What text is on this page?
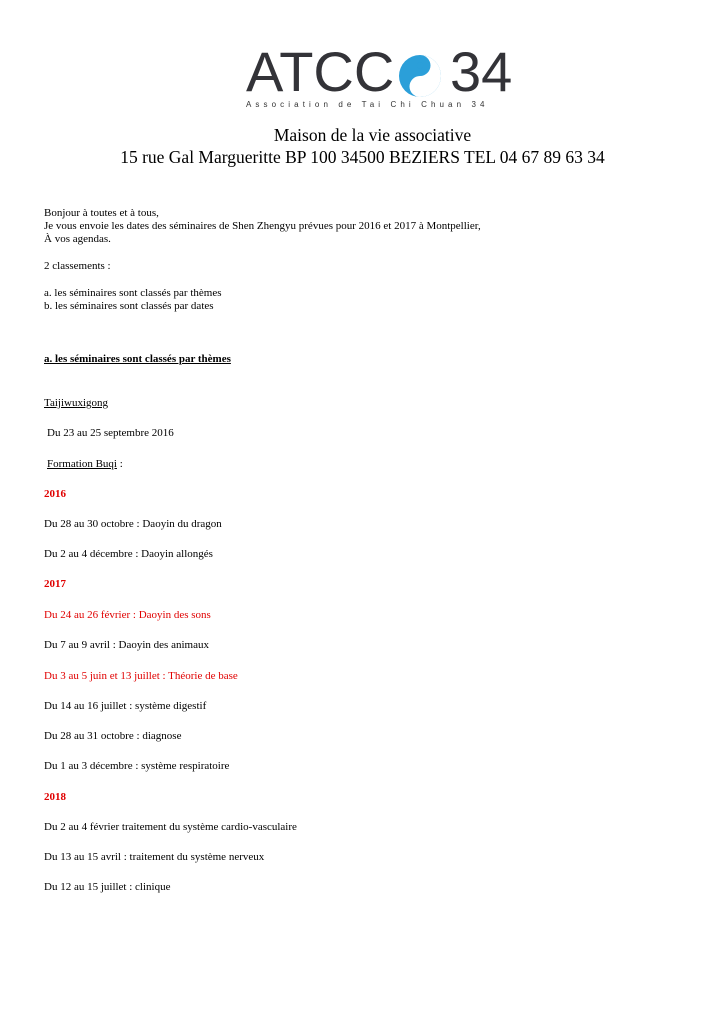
ATCC 34
Association de Tai Chi Chuan 34
Maison de la vie associative
15 rue Gal Margueritte BP 100 34500 BEZIERS TEL 04 67 89 63 34
Bonjour à toutes et à tous,
Je vous envoie les dates des séminaires de Shen Zhengyu prévues pour 2016 et 2017 à Montpellier,
À vos agendas.
2 classements :
a. les séminaires sont classés par thèmes
b. les séminaires sont classés par dates
a. les séminaires sont classés par thèmes
Taijiwuxigong
Du 23 au 25 septembre 2016
Formation Buqi :
2016
Du 28 au 30 octobre : Daoyin du dragon
Du 2 au 4 décembre : Daoyin allongés
2017
Du 24 au 26 février : Daoyin des sons
Du 7 au 9 avril : Daoyin des animaux
Du 3 au 5 juin et 13 juillet : Théorie de base
Du 14 au 16 juillet : système digestif
Du 28 au 31 octobre : diagnose
Du 1 au 3 décembre : système respiratoire
2018
Du 2 au 4 février traitement du système cardio-vasculaire
Du 13 au 15 avril : traitement du système nerveux
Du 12 au 15 juillet : clinique
